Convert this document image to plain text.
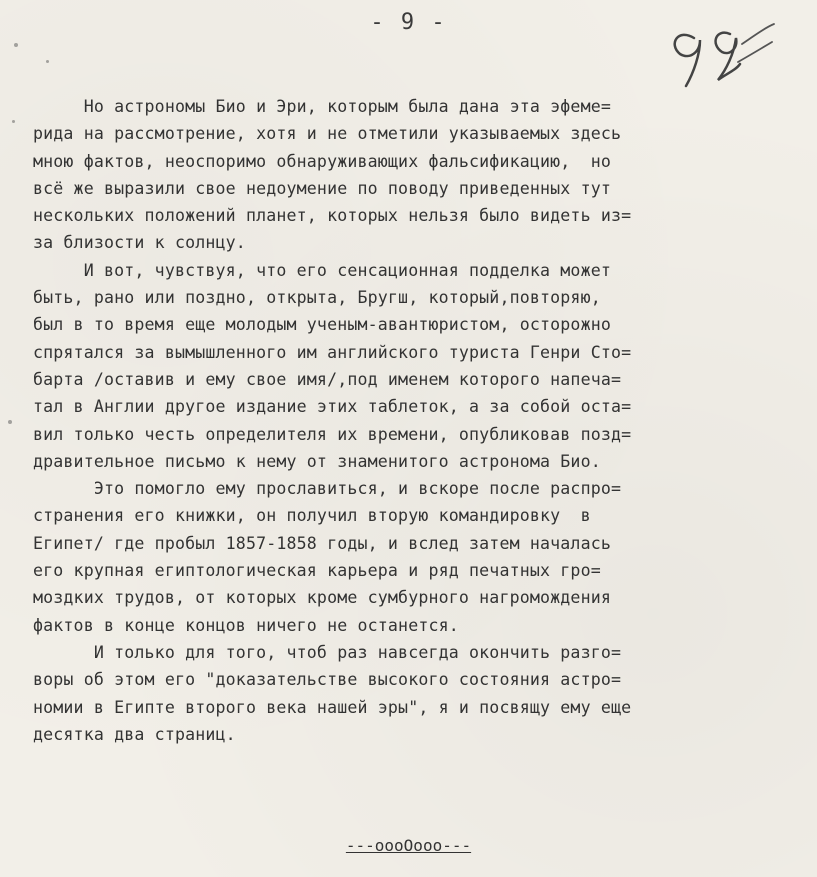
- 9 -
Но астрономы Био и Эри, которым была дана эта эфеме=
рида на рассмотрение, хотя и не отметили указываемых здесь
мною фактов, неоспоримо обнаруживающих фальсификацию,  но
всё же выразили свое недоумение по поводу приведенных тут
нескольких положений планет, которых нельзя было видеть из=
за близости к солнцу.
И вот, чувствуя, что его сенсационная подделка может
быть, рано или поздно, открыта, Бругш, который,повторяю,
был в то время еще молодым ученым-авантюристом, осторожно
спрятался за вымышленного им английского туриста Генри Сто=
барта /оставив и ему свое имя/,под именем которого напеча=
тал в Англии другое издание этих таблеток, а за собой оста=
вил только честь определителя их времени, опубликовав позд=
дравительное письмо к нему от знаменитого астронома Био.
Это помогло ему прославиться, и вскоре после распро=
странения его книжки, он получил вторую командировку  в
Египет/ где пробыл 1857-1858 годы, и вслед затем началась
его крупная египтологическая карьера и ряд печатных гро=
моздких трудов, от которых кроме сумбурного нагромождения
фактов в конце концов ничего не останется.
И только для того, чтоб раз навсегда окончить разго=
воры об этом его "доказательстве высокого состояния астро=
номии в Египте второго века нашей эры", я и посвящу ему еще
десятка два страниц.
---oooOooo---
